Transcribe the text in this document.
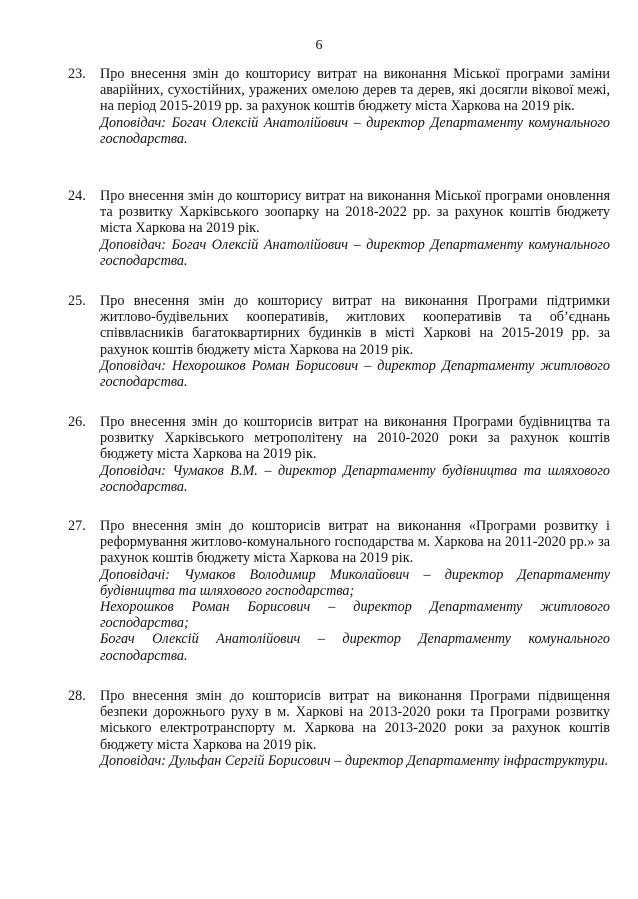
6
23.	Про внесення змін до кошторису витрат на виконання Міської програми заміни аварійних, сухостійних, уражених омелою дерев та дерев, які досягли вікової межі, на період 2015-2019 рр. за рахунок коштів бюджету міста Харкова на 2019 рік.
Доповідач: Богач Олексій Анатолійович – директор Департаменту комунального господарства.
24.	Про внесення змін до кошторису витрат на виконання Міської програми оновлення та розвитку Харківського зоопарку на 2018-2022 рр. за рахунок коштів бюджету міста Харкова на 2019 рік.
Доповідач: Богач Олексій Анатолійович – директор Департаменту комунального господарства.
25.	Про внесення змін до кошторису витрат на виконання Програми підтримки житлово-будівельних кооперативів, житлових кооперативів та об’єднань співвласників багатоквартирних будинків в місті Харкові на 2015-2019 рр. за рахунок коштів бюджету міста Харкова на 2019 рік.
Доповідач: Нехорошков Роман Борисович – директор Департаменту житлового господарства.
26.	Про внесення змін до кошторисів витрат на виконання Програми будівництва та розвитку Харківського метрополітену на 2010-2020 роки за рахунок коштів бюджету міста Харкова на 2019 рік.
Доповідач: Чумаков В.М. – директор Департаменту будівництва та шляхового господарства.
27.	Про внесення змін до кошторисів витрат на виконання «Програми розвитку і реформування житлово-комунального господарства м. Харкова на 2011-2020 рр.» за рахунок коштів бюджету міста Харкова на 2019 рік.
Доповідачі: Чумаков Володимир Миколайович – директор Департаменту будівництва та шляхового господарства;
Нехорошков Роман Борисович – директор Департаменту житлового господарства;
Богач Олексій Анатолійович – директор Департаменту комунального господарства.
28.	Про внесення змін до кошторисів витрат на виконання Програми підвищення безпеки дорожнього руху в м. Харкові на 2013-2020 роки та Програми розвитку міського електротранспорту м. Харкова на 2013-2020 роки за рахунок коштів бюджету міста Харкова на 2019 рік.
Доповідач: Дульфан Сергій Борисович – директор Департаменту інфраструктури.
